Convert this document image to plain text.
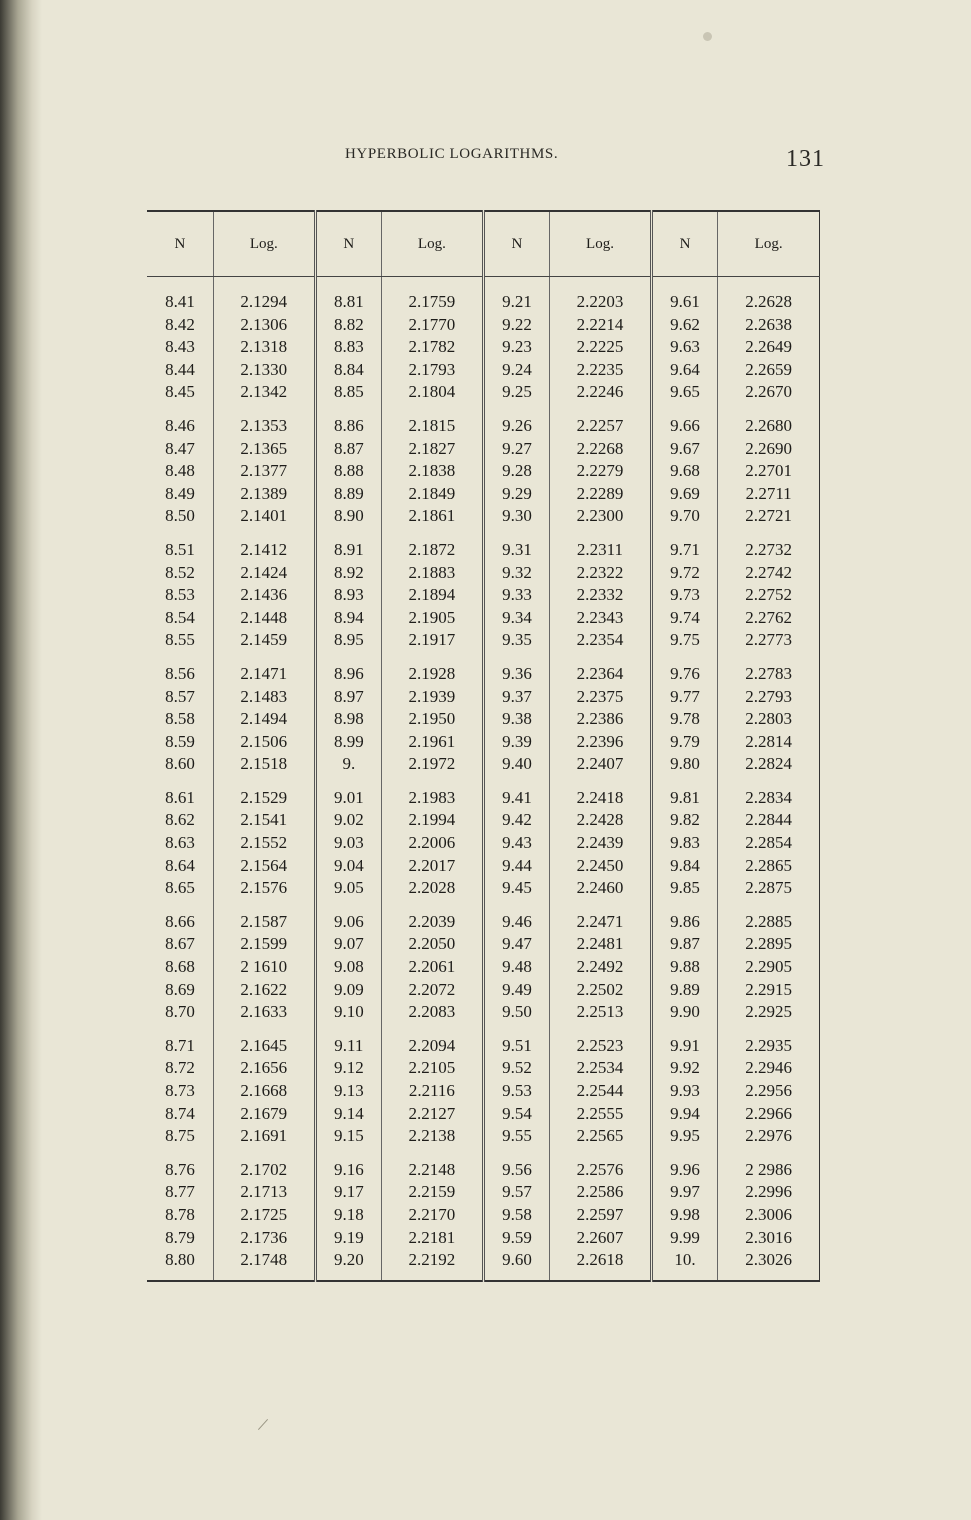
HYPERBOLIC LOGARITHMS.	131
N	Log.	N	Log.	N	Log.	N	Log.

8.41	2.1294	8.81	2.1759	9.21	2.2203	9.61	2.2628
8.42	2.1306	8.82	2.1770	9.22	2.2214	9.62	2.2638
8.43	2.1318	8.83	2.1782	9.23	2.2225	9.63	2.2649
8.44	2.1330	8.84	2.1793	9.24	2.2235	9.64	2.2659
8.45	2.1342	8.85	2.1804	9.25	2.2246	9.65	2.2670

8.46	2.1353	8.86	2.1815	9.26	2.2257	9.66	2.2680
8.47	2.1365	8.87	2.1827	9.27	2.2268	9.67	2.2690
8.48	2.1377	8.88	2.1838	9.28	2.2279	9.68	2.2701
8.49	2.1389	8.89	2.1849	9.29	2.2289	9.69	2.2711
8.50	2.1401	8.90	2.1861	9.30	2.2300	9.70	2.2721

8.51	2.1412	8.91	2.1872	9.31	2.2311	9.71	2.2732
8.52	2.1424	8.92	2.1883	9.32	2.2322	9.72	2.2742
8.53	2.1436	8.93	2.1894	9.33	2.2332	9.73	2.2752
8.54	2.1448	8.94	2.1905	9.34	2.2343	9.74	2.2762
8.55	2.1459	8.95	2.1917	9.35	2.2354	9.75	2.2773

8.56	2.1471	8.96	2.1928	9.36	2.2364	9.76	2.2783
8.57	2.1483	8.97	2.1939	9.37	2.2375	9.77	2.2793
8.58	2.1494	8.98	2.1950	9.38	2.2386	9.78	2.2803
8.59	2.1506	8.99	2.1961	9.39	2.2396	9.79	2.2814
8.60	2.1518	9.	2.1972	9.40	2.2407	9.80	2.2824

8.61	2.1529	9.01	2.1983	9.41	2.2418	9.81	2.2834
8.62	2.1541	9.02	2.1994	9.42	2.2428	9.82	2.2844
8.63	2.1552	9.03	2.2006	9.43	2.2439	9.83	2.2854
8.64	2.1564	9.04	2.2017	9.44	2.2450	9.84	2.2865
8.65	2.1576	9.05	2.2028	9.45	2.2460	9.85	2.2875

8.66	2.1587	9.06	2.2039	9.46	2.2471	9.86	2.2885
8.67	2.1599	9.07	2.2050	9.47	2.2481	9.87	2.2895
8.68	2 1610	9.08	2.2061	9.48	2.2492	9.88	2.2905
8.69	2.1622	9.09	2.2072	9.49	2.2502	9.89	2.2915
8.70	2.1633	9.10	2.2083	9.50	2.2513	9.90	2.2925

8.71	2.1645	9.11	2.2094	9.51	2.2523	9.91	2.2935
8.72	2.1656	9.12	2.2105	9.52	2.2534	9.92	2.2946
8.73	2.1668	9.13	2.2116	9.53	2.2544	9.93	2.2956
8.74	2.1679	9.14	2.2127	9.54	2.2555	9.94	2.2966
8.75	2.1691	9.15	2.2138	9.55	2.2565	9.95	2.2976

8.76	2.1702	9.16	2.2148	9.56	2.2576	9.96	2 2986
8.77	2.1713	9.17	2.2159	9.57	2.2586	9.97	2.2996
8.78	2.1725	9.18	2.2170	9.58	2.2597	9.98	2.3006
8.79	2.1736	9.19	2.2181	9.59	2.2607	9.99	2.3016
8.80	2.1748	9.20	2.2192	9.60	2.2618	10.	2.3026
